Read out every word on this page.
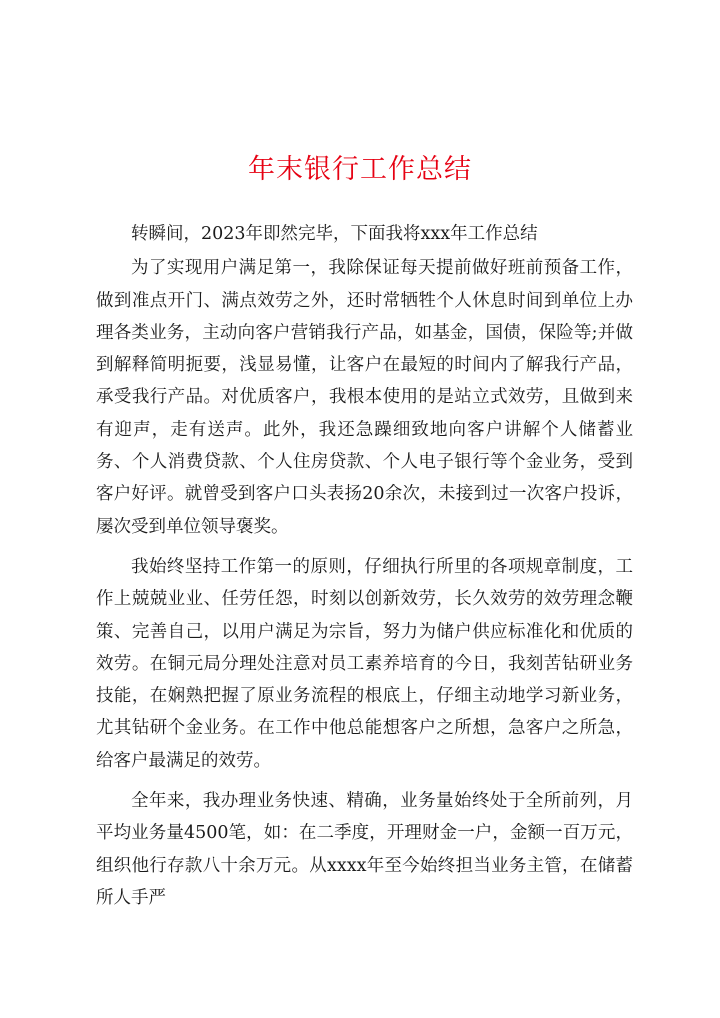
年末银行工作总结

转瞬间，2023年即然完毕，下面我将xxx年工作总结

为了实现用户满足第一，我除保证每天提前做好班前预备工作，做到准点开门、满点效劳之外，还时常牺牲个人休息时间到单位上办理各类业务，主动向客户营销我行产品，如基金，国债，保险等;并做到解释简明扼要，浅显易懂，让客户在最短的时间内了解我行产品，承受我行产品。对优质客户，我根本使用的是站立式效劳，且做到来有迎声，走有送声。此外，我还急躁细致地向客户讲解个人储蓄业务、个人消费贷款、个人住房贷款、个人电子银行等个金业务，受到客户好评。就曾受到客户口头表扬20余次，未接到过一次客户投诉，屡次受到单位领导褒奖。

我始终坚持工作第一的原则，仔细执行所里的各项规章制度，工作上兢兢业业、任劳任怨，时刻以创新效劳，长久效劳的效劳理念鞭策、完善自己，以用户满足为宗旨，努力为储户供应标准化和优质的效劳。在铜元局分理处注意对员工素养培育的今日，我刻苦钻研业务技能，在娴熟把握了原业务流程的根底上，仔细主动地学习新业务，尤其钻研个金业务。在工作中他总能想客户之所想，急客户之所急，给客户最满足的效劳。

全年来，我办理业务快速、精确，业务量始终处于全所前列，月平均业务量4500笔，如：在二季度，开理财金一户，金额一百万元，组织他行存款八十余万元。从xxxx年至今始终担当业务主管，在储蓄所人手严
